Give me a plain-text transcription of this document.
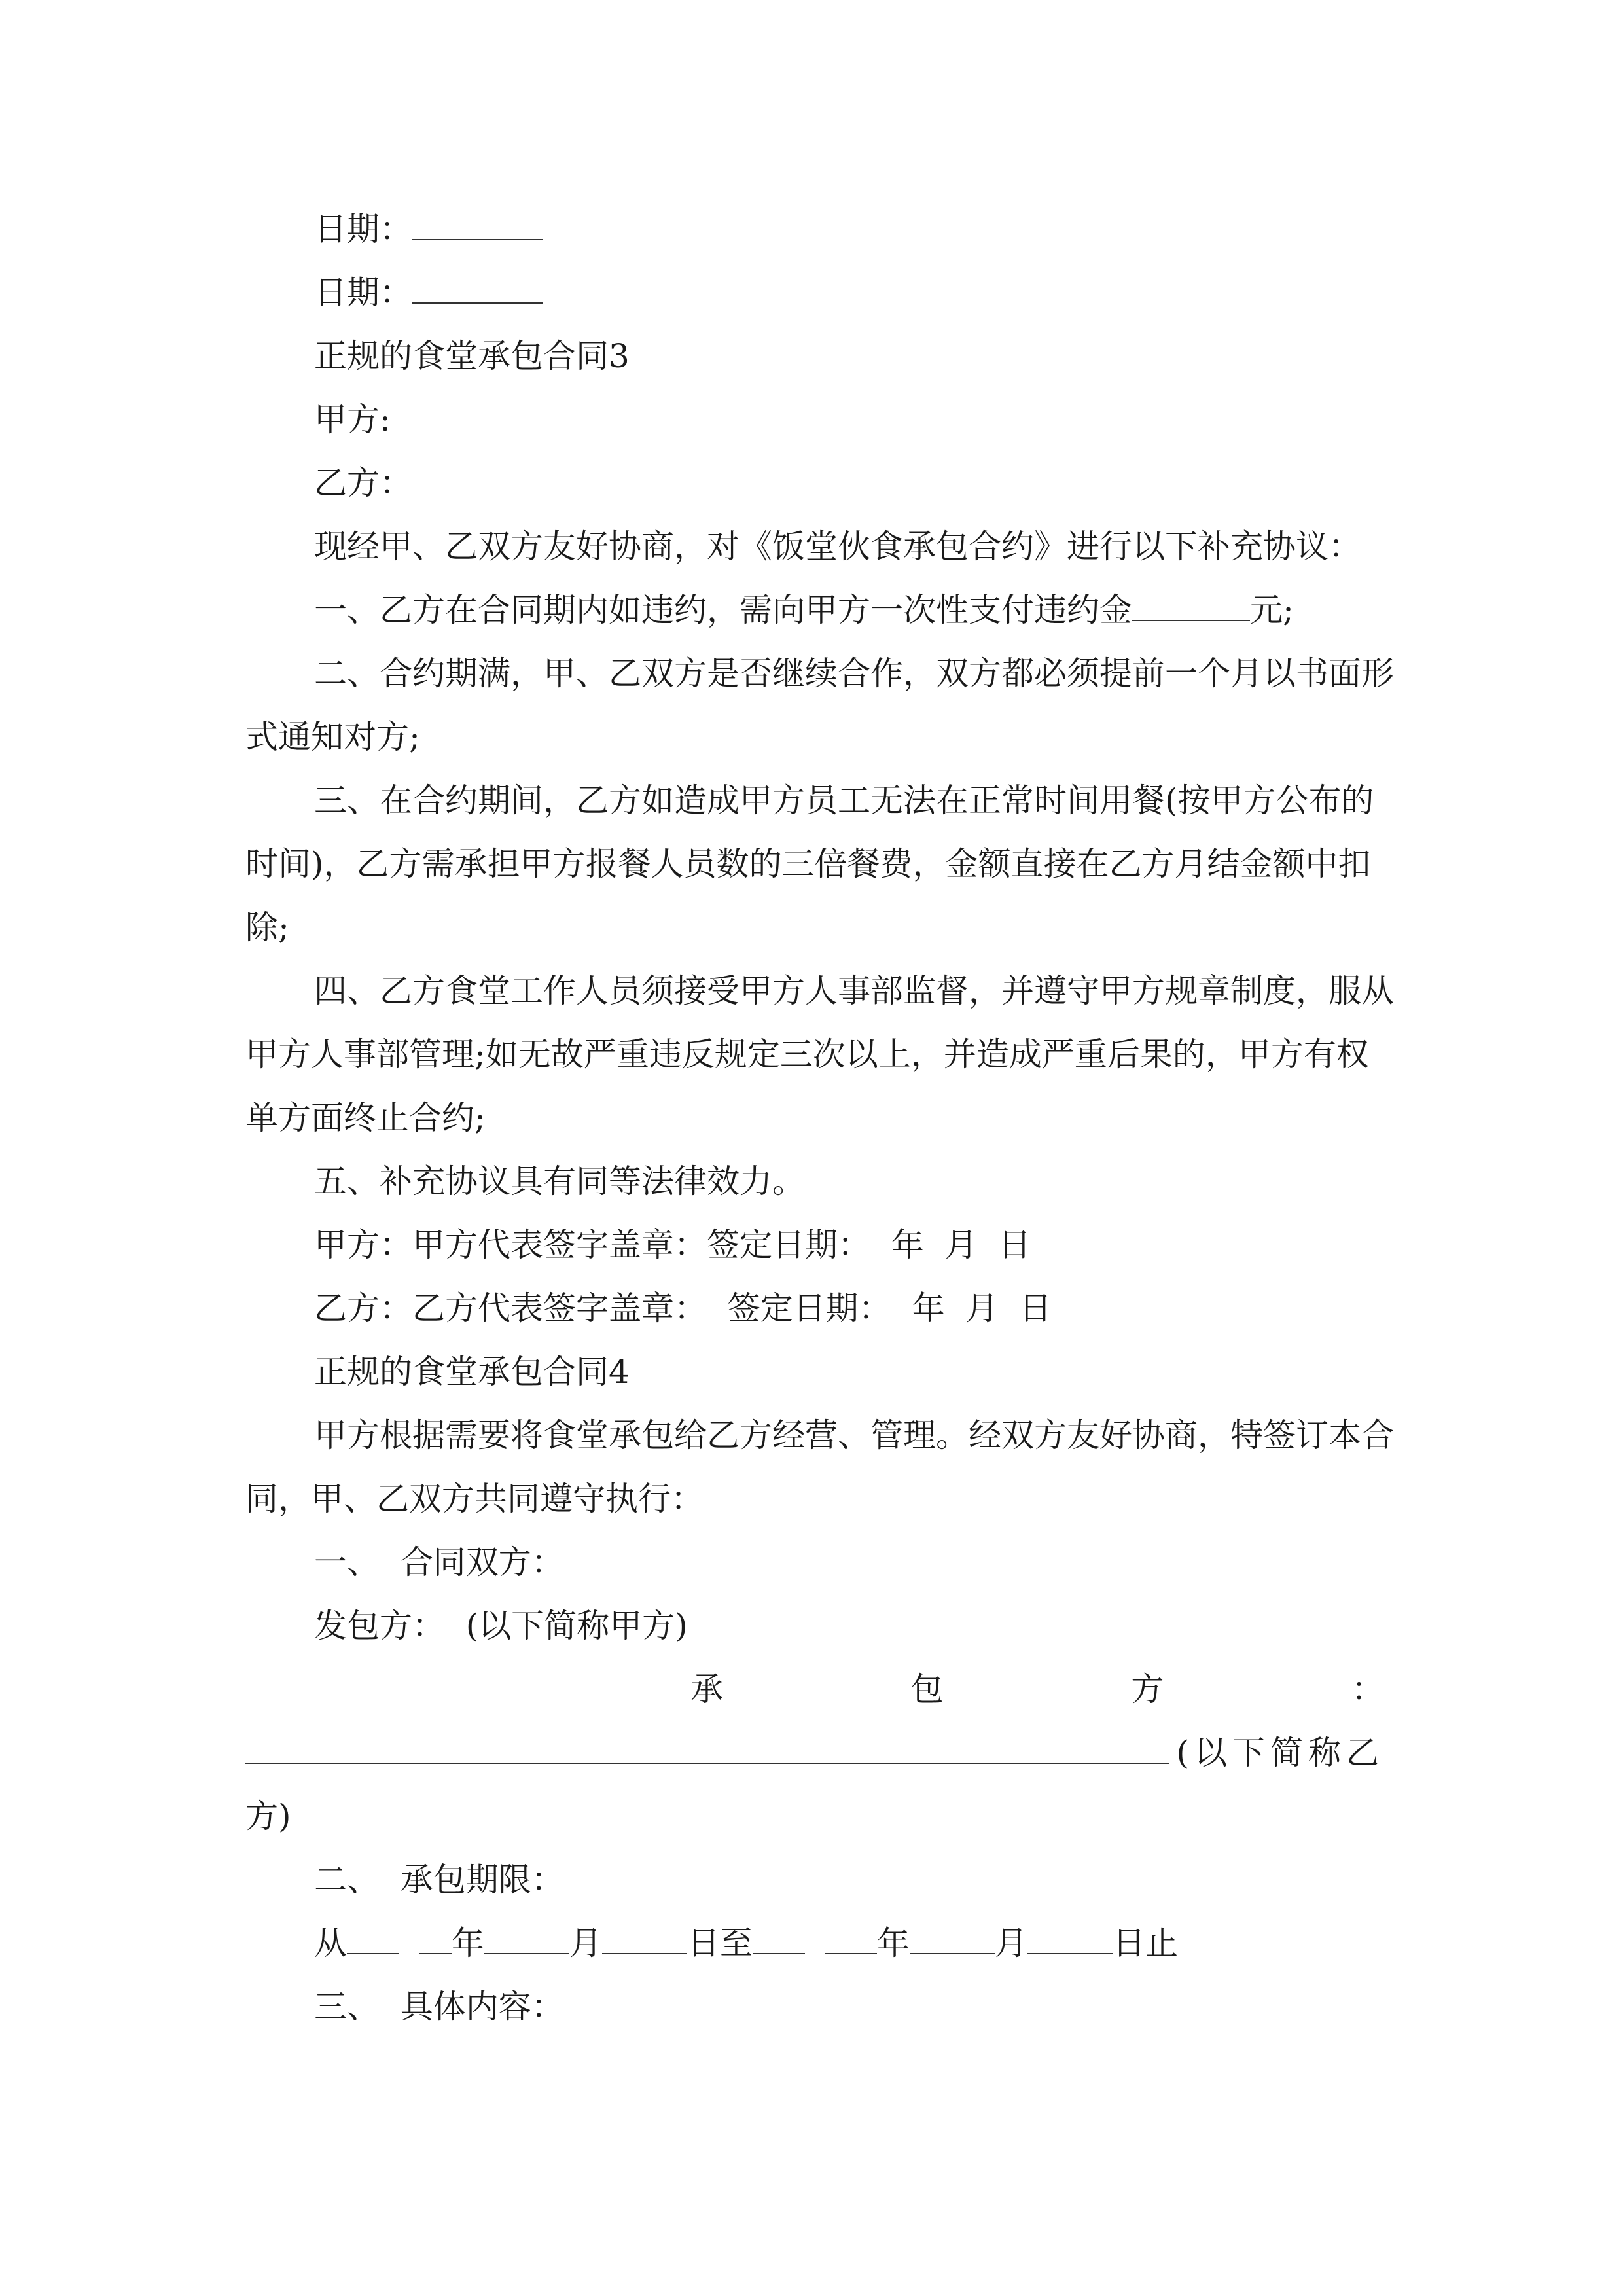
日期：
日期：
正规的食堂承包合同3
甲方:
乙方：
现经甲、乙双方友好协商，对《饭堂伙食承包合约》进行以下补充协议：
一、乙方在合同期内如违约，需向甲方一次性支付违约金	元;
二、合约期满，甲、乙双方是否继续合作，双方都必须提前一个月以书面形
式通知对方;
三、在合约期间，乙方如造成甲方员工无法在正常时间用餐(按甲方公布的
时间)，乙方需承担甲方报餐人员数的三倍餐费，金额直接在乙方月结金额中扣
除;
四、乙方食堂工作人员须接受甲方人事部监督，并遵守甲方规章制度，服从
甲方人事部管理;如无故严重违反规定三次以上，并造成严重后果的，甲方有权
单方面终止合约;
五、补充协议具有同等法律效力。
甲方：甲方代表签字盖章：签定日期：  年  月  日
乙方：乙方代表签字盖章：  签定日期：  年  月  日
正规的食堂承包合同4
甲方根据需要将食堂承包给乙方经营、管理。经双方友好协商，特签订本合
同，甲、乙双方共同遵守执行：
一、  合同双方：
发包方：  (以下简称甲方)
承	包	方	：
(以下简称乙
方)
二、  承包期限：
从	年	月	日至	年	月	日止
三、  具体内容：
